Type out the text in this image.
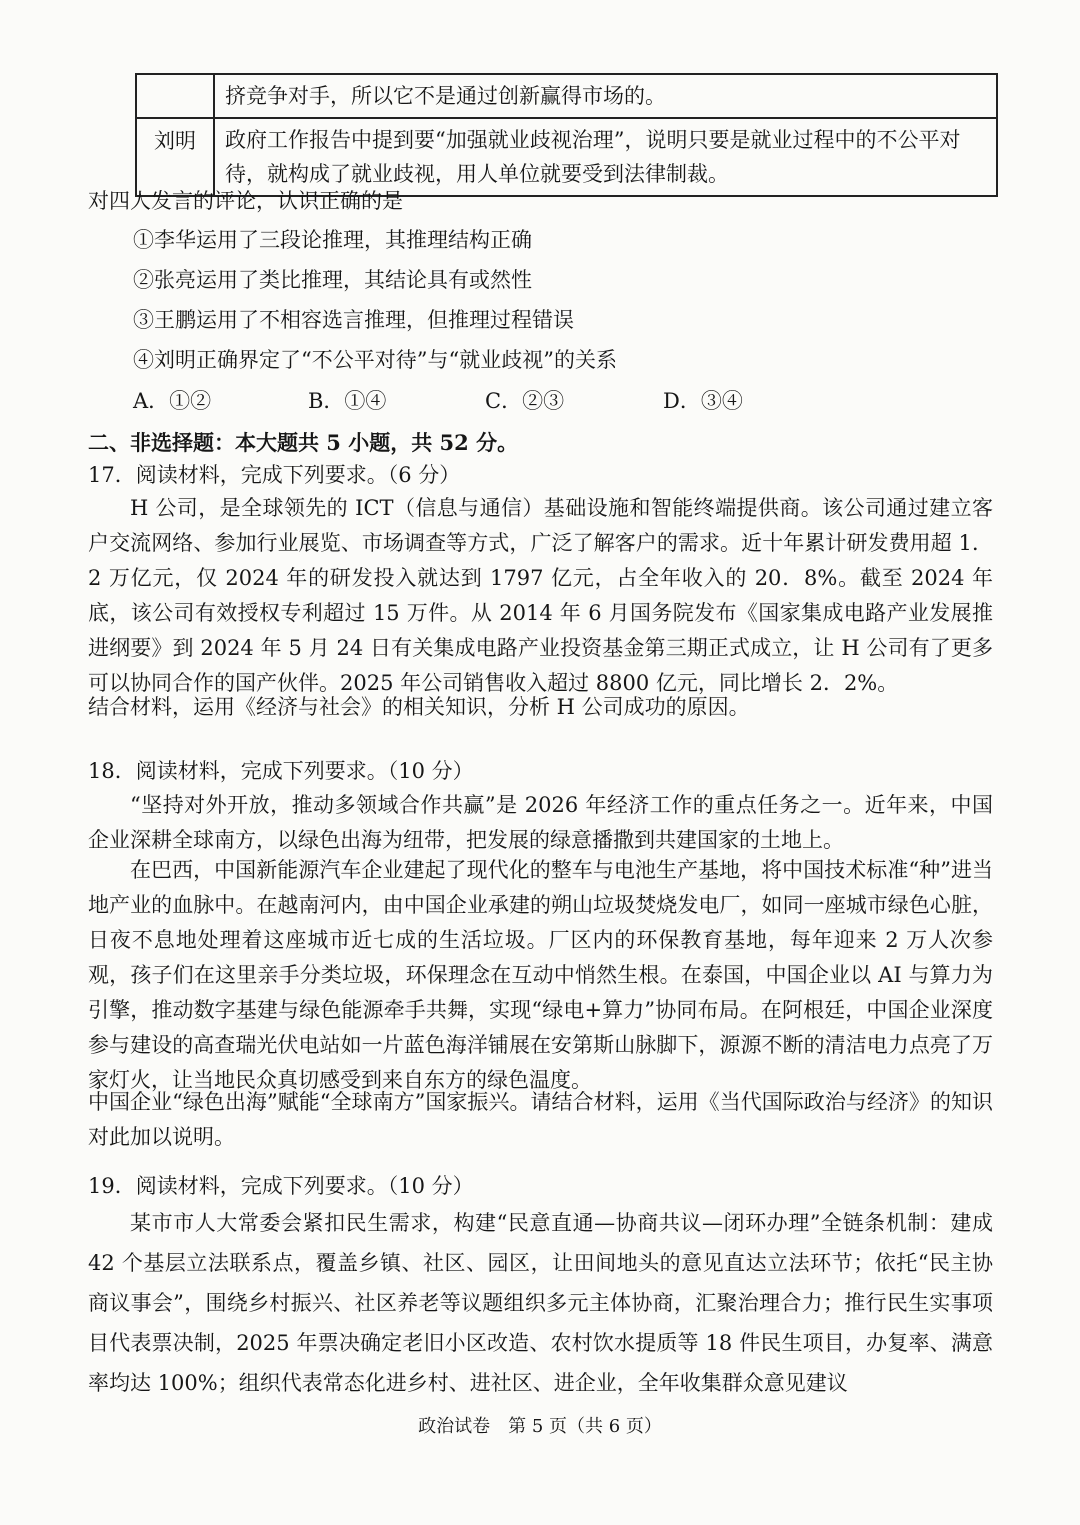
	挤竞争对手，所以它不是通过创新赢得市场的。
刘明	政府工作报告中提到要“加强就业歧视治理”，说明只要是就业过程中的不公平对待，就构成了就业歧视，用人单位就要受到法律制裁。
对四人发言的评论，认识正确的是
①李华运用了三段论推理，其推理结构正确
②张亮运用了类比推理，其结论具有或然性
③王鹏运用了不相容选言推理，但推理过程错误
④刘明正确界定了“不公平对待”与“就业歧视”的关系
A．①②	B．①④	C．②③	D．③④
二、非选择题：本大题共 5 小题，共 52 分。
17．阅读材料，完成下列要求。（6 分）
H 公司，是全球领先的 ICT（信息与通信）基础设施和智能终端提供商。该公司通过建立客户交流网络、参加行业展览、市场调查等方式，广泛了解客户的需求。近十年累计研发费用超 1．2 万亿元，仅 2024 年的研发投入就达到 1797 亿元，占全年收入的 20．8%。截至 2024 年底，该公司有效授权专利超过 15 万件。从 2014 年 6 月国务院发布《国家集成电路产业发展推进纲要》到 2024 年 5 月 24 日有关集成电路产业投资基金第三期正式成立，让 H 公司有了更多可以协同合作的国产伙伴。2025 年公司销售收入超过 8800 亿元，同比增长 2．2%。
结合材料，运用《经济与社会》的相关知识，分析 H 公司成功的原因。
18．阅读材料，完成下列要求。（10 分）
“坚持对外开放，推动多领域合作共赢”是 2026 年经济工作的重点任务之一。近年来，中国企业深耕全球南方，以绿色出海为纽带，把发展的绿意播撒到共建国家的土地上。
在巴西，中国新能源汽车企业建起了现代化的整车与电池生产基地，将中国技术标准“种”进当地产业的血脉中。在越南河内，由中国企业承建的朔山垃圾焚烧发电厂，如同一座城市绿色心脏，日夜不息地处理着这座城市近七成的生活垃圾。厂区内的环保教育基地，每年迎来 2 万人次参观，孩子们在这里亲手分类垃圾，环保理念在互动中悄然生根。在泰国，中国企业以 AI 与算力为引擎，推动数字基建与绿色能源牵手共舞，实现“绿电+算力”协同布局。在阿根廷，中国企业深度参与建设的高查瑞光伏电站如一片蓝色海洋铺展在安第斯山脉脚下，源源不断的清洁电力点亮了万家灯火，让当地民众真切感受到来自东方的绿色温度。
中国企业“绿色出海”赋能“全球南方”国家振兴。请结合材料，运用《当代国际政治与经济》的知识对此加以说明。
19．阅读材料，完成下列要求。（10 分）
某市市人大常委会紧扣民生需求，构建“民意直通—协商共议—闭环办理”全链条机制：建成 42 个基层立法联系点，覆盖乡镇、社区、园区，让田间地头的意见直达立法环节；依托“民主协商议事会”，围绕乡村振兴、社区养老等议题组织多元主体协商，汇聚治理合力；推行民生实事项目代表票决制，2025 年票决确定老旧小区改造、农村饮水提质等 18 件民生项目，办复率、满意率均达 100%；组织代表常态化进乡村、进社区、进企业，全年收集群众意见建议
政治试卷　第 5 页（共 6 页）
